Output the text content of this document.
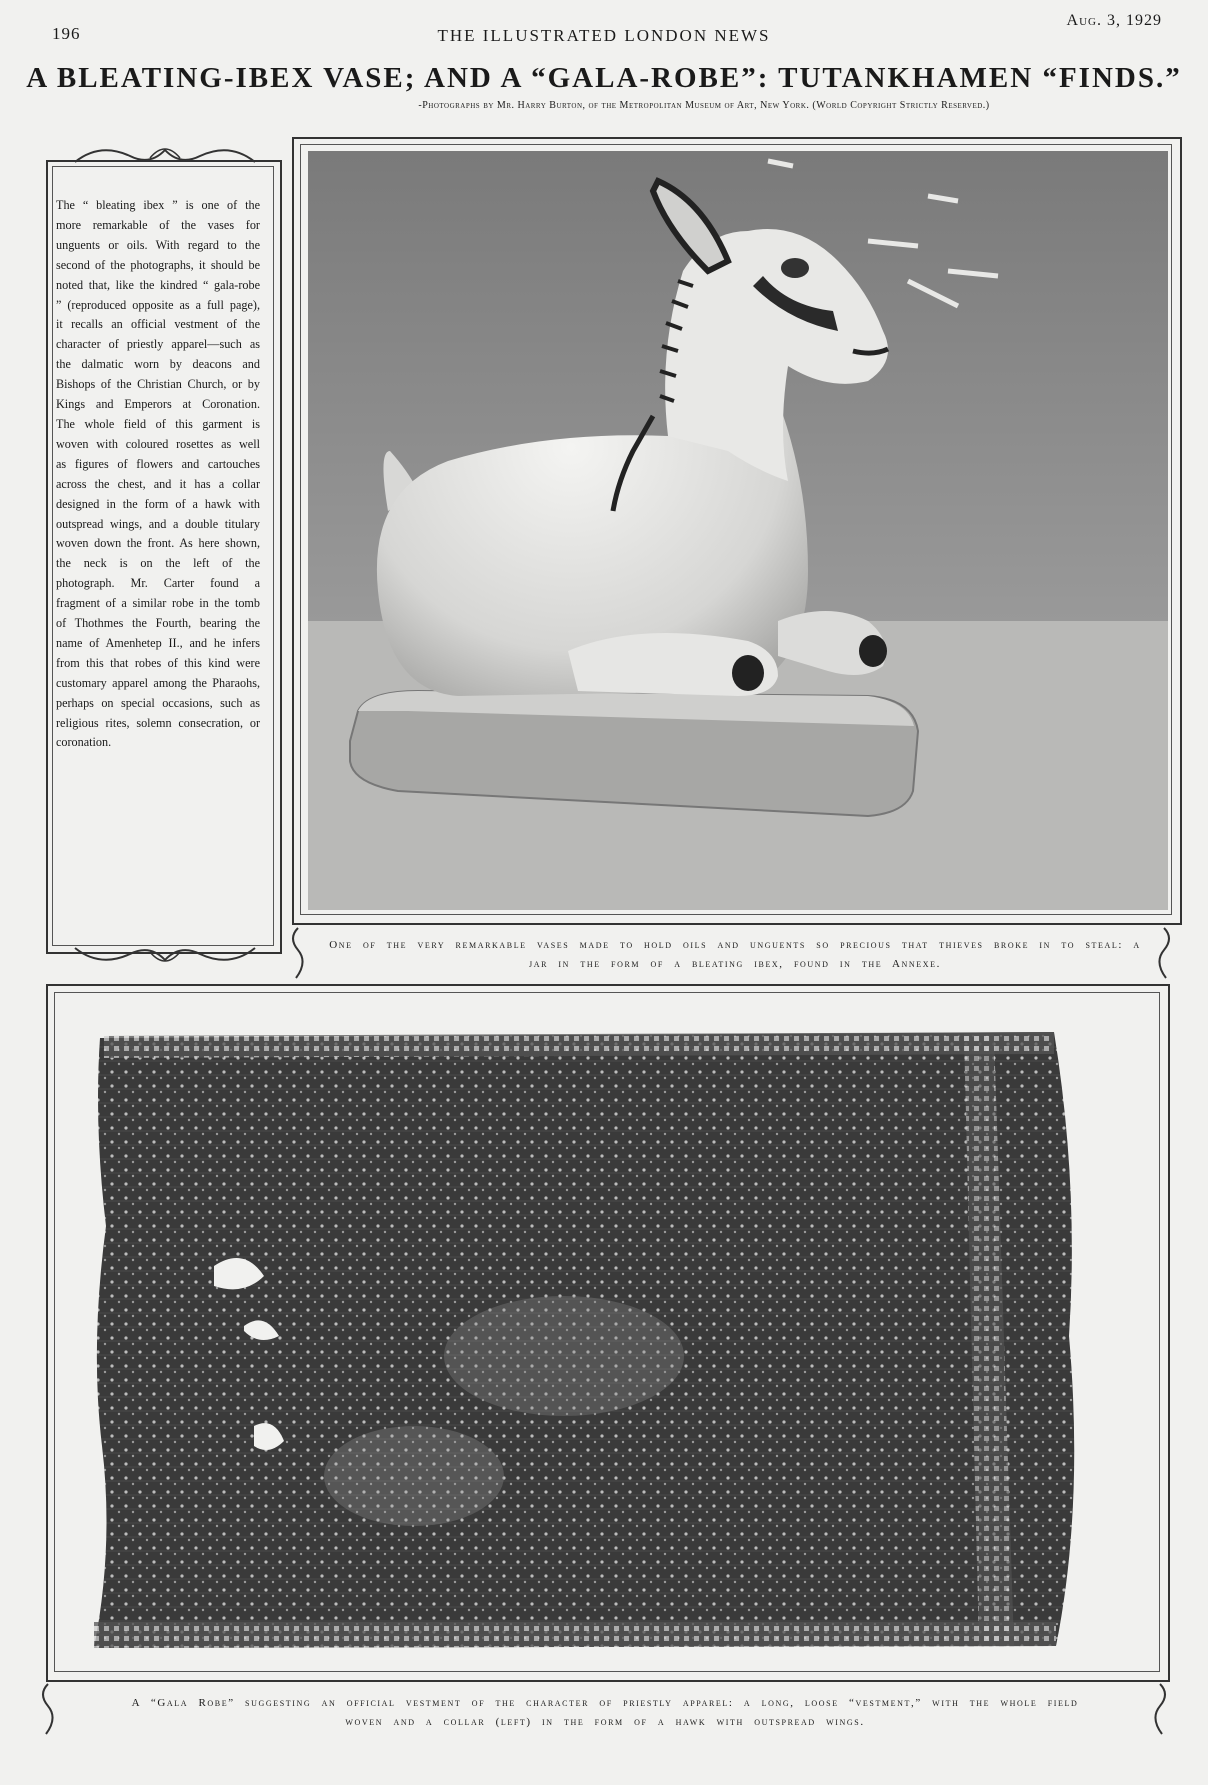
196	THE ILLUSTRATED LONDON NEWS
Aug. 3, 1929
A BLEATING-IBEX VASE; AND A “GALA-ROBE”: TUTANKHAMEN “FINDS.”
-Photographs by Mr. Harry Burton, of the Metropolitan Museum of Art, New York. (World Copyright Strictly Reserved.)
The “ bleating ibex ” is one of the more remarkable of the vases for unguents or oils. With regard to the second of the photographs, it should be noted that, like the kindred “ gala-robe ” (reproduced opposite as a full page), it recalls an official vestment of the character of priestly apparel—such as the dalmatic worn by deacons and Bishops of the Christian Church, or by Kings and Emperors at Coronation. The whole field of this garment is woven with coloured rosettes as well as figures of flowers and cartouches across the chest, and it has a collar designed in the form of a hawk with outspread wings, and a double titulary woven down the front. As here shown, the neck is on the left of the photograph. Mr. Carter found a fragment of a similar robe in the tomb of Thothmes the Fourth, bearing the name of Amenhetep II., and he infers from this that robes of this kind were customary apparel among the Pharaohs, perhaps on special occasions, such as religious rites, solemn consecration, or coronation.
One of the very remarkable vases made to hold oils and unguents so precious that thieves broke in to steal: a jar in the form of a bleating ibex, found in the Annexe.
A “Gala Robe” suggesting an official vestment of the character of priestly apparel: a long, loose “vestment,” with the whole field woven and a collar (left) in the form of a hawk with outspread wings.
